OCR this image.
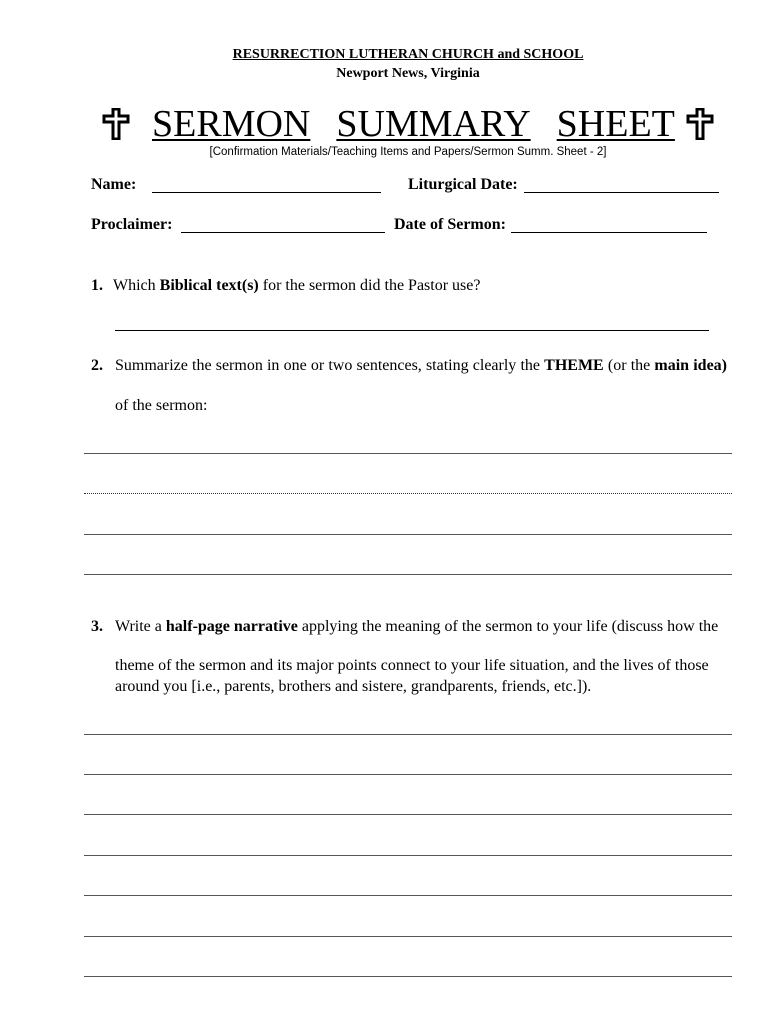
RESURRECTION LUTHERAN CHURCH and SCHOOL
Newport News, Virginia
SERMON SUMMARY SHEET
[Confirmation Materials/Teaching Items and Papers/Sermon Summ. Sheet - 2]
Name:	Liturgical Date:
Proclaimer:	Date of Sermon:
1. Which Biblical text(s) for the sermon did the Pastor use?
2. Summarize the sermon in one or two sentences, stating clearly the THEME (or the main idea)
of the sermon:
3. Write a half-page narrative applying the meaning of the sermon to your life (discuss how the
theme of the sermon and its major points connect to your life situation, and the lives of those
around you [i.e., parents, brothers and sistere, grandparents, friends, etc.]).
